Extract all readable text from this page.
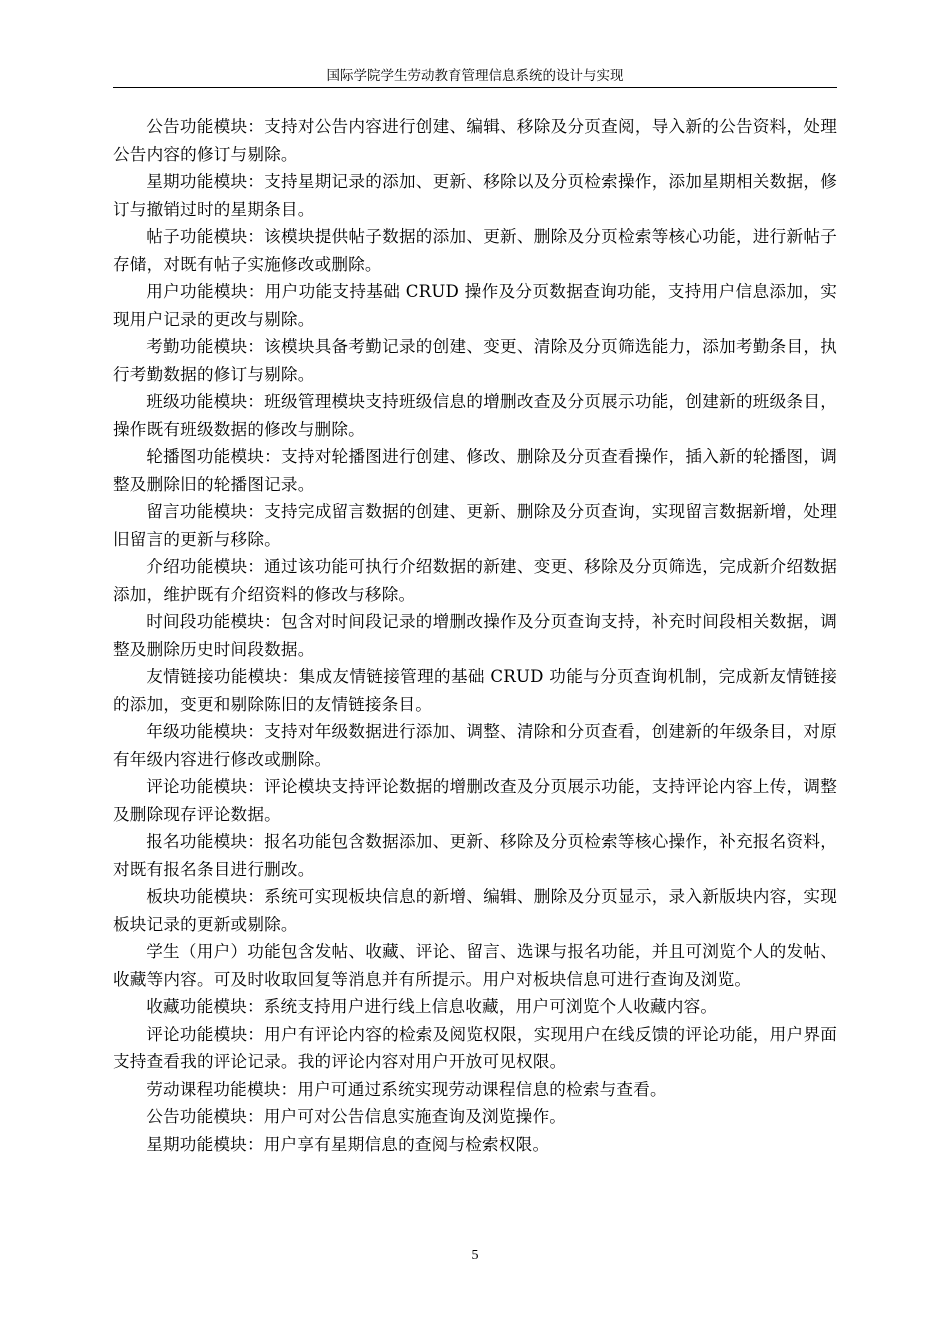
国际学院学生劳动教育管理信息系统的设计与实现

公告功能模块：支持对公告内容进行创建、编辑、移除及分页查阅，导入新的公告资料，处理公告内容的修订与剔除。

星期功能模块：支持星期记录的添加、更新、移除以及分页检索操作，添加星期相关数据，修订与撤销过时的星期条目。

帖子功能模块：该模块提供帖子数据的添加、更新、删除及分页检索等核心功能，进行新帖子存储，对既有帖子实施修改或删除。

用户功能模块：用户功能支持基础 CRUD 操作及分页数据查询功能，支持用户信息添加，实现用户记录的更改与剔除。

考勤功能模块：该模块具备考勤记录的创建、变更、清除及分页筛选能力，添加考勤条目，执行考勤数据的修订与剔除。

班级功能模块：班级管理模块支持班级信息的增删改查及分页展示功能，创建新的班级条目，操作既有班级数据的修改与删除。

轮播图功能模块：支持对轮播图进行创建、修改、删除及分页查看操作，插入新的轮播图，调整及删除旧的轮播图记录。

留言功能模块：支持完成留言数据的创建、更新、删除及分页查询，实现留言数据新增，处理旧留言的更新与移除。

介绍功能模块：通过该功能可执行介绍数据的新建、变更、移除及分页筛选，完成新介绍数据添加，维护既有介绍资料的修改与移除。

时间段功能模块：包含对时间段记录的增删改操作及分页查询支持，补充时间段相关数据，调整及删除历史时间段数据。

友情链接功能模块：集成友情链接管理的基础 CRUD 功能与分页查询机制，完成新友情链接的添加，变更和剔除陈旧的友情链接条目。

年级功能模块：支持对年级数据进行添加、调整、清除和分页查看，创建新的年级条目，对原有年级内容进行修改或删除。

评论功能模块：评论模块支持评论数据的增删改查及分页展示功能，支持评论内容上传，调整及删除现存评论数据。

报名功能模块：报名功能包含数据添加、更新、移除及分页检索等核心操作，补充报名资料，对既有报名条目进行删改。

板块功能模块：系统可实现板块信息的新增、编辑、删除及分页显示，录入新版块内容，实现板块记录的更新或剔除。

学生（用户）功能包含发帖、收藏、评论、留言、选课与报名功能，并且可浏览个人的发帖、收藏等内容。可及时收取回复等消息并有所提示。用户对板块信息可进行查询及浏览。

收藏功能模块：系统支持用户进行线上信息收藏，用户可浏览个人收藏内容。

评论功能模块：用户有评论内容的检索及阅览权限，实现用户在线反馈的评论功能，用户界面支持查看我的评论记录。我的评论内容对用户开放可见权限。

劳动课程功能模块：用户可通过系统实现劳动课程信息的检索与查看。

公告功能模块：用户可对公告信息实施查询及浏览操作。

星期功能模块：用户享有星期信息的查阅与检索权限。

5
